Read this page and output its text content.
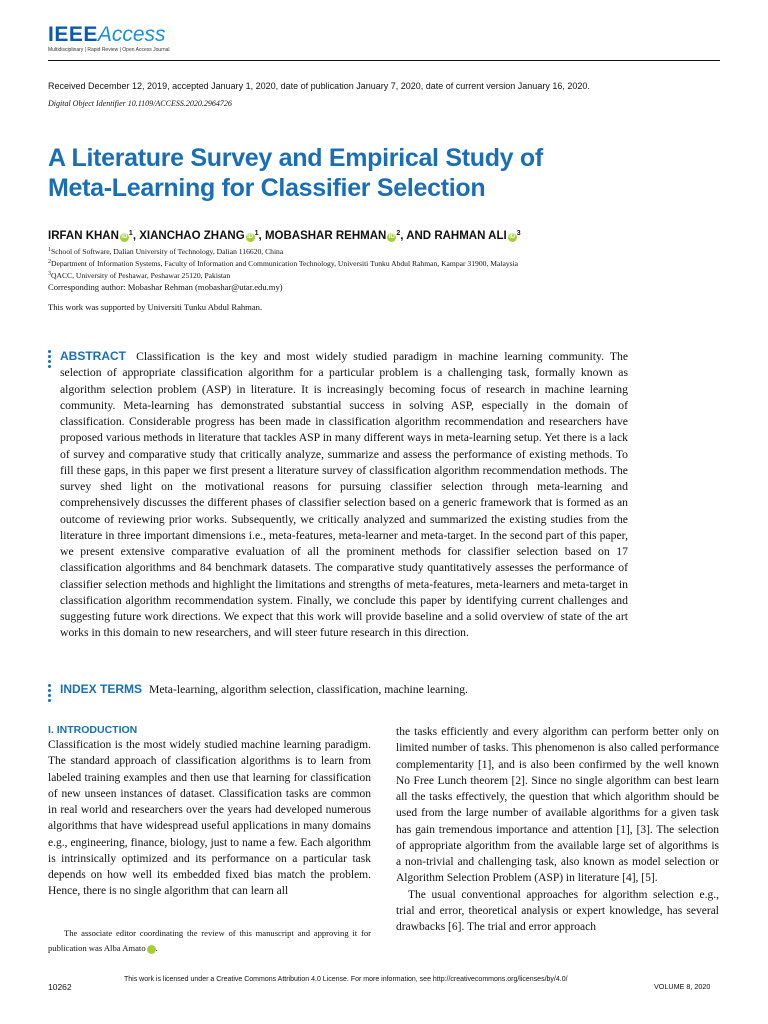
IEEEAccess
Multidisciplinary | Rapid Review | Open Access Journal
Received December 12, 2019, accepted January 1, 2020, date of publication January 7, 2020, date of current version January 16, 2020.
Digital Object Identifier 10.1109/ACCESS.2020.2964726
A Literature Survey and Empirical Study of
Meta-Learning for Classifier Selection
IRFAN KHAN iD $^1$, XIANCHAO ZHANG iD $^1$, MOBASHAR REHMAN iD $^2$, AND RAHMAN ALI iD $^3$
$^1$School of Software, Dalian University of Technology, Dalian 116620, China
$^2$Department of Information Systems, Faculty of Information and Communication Technology, Universiti Tunku Abdul Rahman, Kampar 31900, Malaysia
$^3$QACC, University of Peshawar, Peshawar 25120, Pakistan
Corresponding author: Mobashar Rehman (mobashar@utar.edu.my)
This work was supported by Universiti Tunku Abdul Rahman.
ABSTRACT Classification is the key and most widely studied paradigm in machine learning community. The selection of appropriate classification algorithm for a particular problem is a challenging task, formally known as algorithm selection problem (ASP) in literature. It is increasingly becoming focus of research in machine learning community. Meta-learning has demonstrated substantial success in solving ASP, especially in the domain of classification. Considerable progress has been made in classification algorithm recommendation and researchers have proposed various methods in literature that tackles ASP in many different ways in meta-learning setup. Yet there is a lack of survey and comparative study that critically analyze, summarize and assess the performance of existing methods. To fill these gaps, in this paper we first present a literature survey of classification algorithm recommendation methods. The survey shed light on the motivational reasons for pursuing classifier selection through meta-learning and comprehensively discusses the different phases of classifier selection based on a generic framework that is formed as an outcome of reviewing prior works. Subsequently, we critically analyzed and summarized the existing studies from the literature in three important dimensions i.e., meta-features, meta-learner and meta-target. In the second part of this paper, we present extensive comparative evaluation of all the prominent methods for classifier selection based on 17 classification algorithms and 84 benchmark datasets. The comparative study quantitatively assesses the performance of classifier selection methods and highlight the limitations and strengths of meta-features, meta-learners and meta-target in classification algorithm recommendation system. Finally, we conclude this paper by identifying current challenges and suggesting future work directions. We expect that this work will provide baseline and a solid overview of state of the art works in this domain to new researchers, and will steer future research in this direction.
INDEX TERMS Meta-learning, algorithm selection, classification, machine learning.
I. INTRODUCTION

Classification is the most widely studied machine learning paradigm. The standard approach of classification algorithms is to learn from labeled training examples and then use that learning for classification of new unseen instances of dataset. Classification tasks are common in real world and researchers over the years had developed numerous algorithms that have widespread useful applications in many domains e.g., engineering, finance, biology, just to name a few. Each algorithm is intrinsically optimized and its performance on a particular task depends on how well its embedded fixed bias match the problem. Hence, there is no single algorithm that can learn all

The associate editor coordinating the review of this manuscript and approving it for publication was Alba Amato	iD.

the tasks efficiently and every algorithm can perform better only on limited number of tasks. This phenomenon is also called performance complementarity [1], and is also been confirmed by the well known No Free Lunch theorem [2]. Since no single algorithm can best learn all the tasks effectively, the question that which algorithm should be used from the large number of available algorithms for a given task has gain tremendous importance and attention [1], [3]. The selection of appropriate algorithm from the available large set of algorithms is a non-trivial and challenging task, also known as model selection or Algorithm Selection Problem (ASP) in literature [4], [5].

The usual conventional approaches for algorithm selection e.g., trial and error, theoretical analysis or expert knowledge, has several drawbacks [6]. The trial and error approach

10262
This work is licensed under a Creative Commons Attribution 4.0 License. For more information, see http://creativecommons.org/licenses/by/4.0/
VOLUME 8, 2020
